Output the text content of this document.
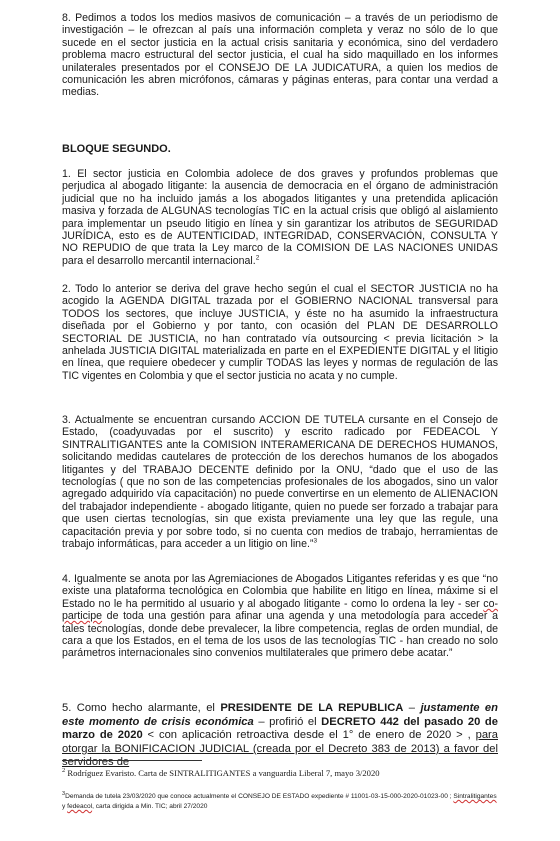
8. Pedimos a todos los medios masivos de comunicación – a través de un periodismo de investigación – le ofrezcan al país una información completa y veraz no sólo de lo que sucede en el sector justicia en la actual crisis sanitaria y económica, sino del verdadero problema macro estructural del sector justicia, el cual ha sido maquillado en los informes unilaterales presentados por el CONSEJO DE LA JUDICATURA, a quien los medios de comunicación les abren micrófonos, cámaras y páginas enteras, para contar una verdad a medias.

BLOQUE SEGUNDO.

1. El sector justicia en Colombia adolece de dos graves y profundos problemas que perjudica al abogado litigante: la ausencia de democracia en el órgano de administración judicial que no ha incluido jamás a los abogados litigantes y una pretendida aplicación masiva y forzada de ALGUNAS tecnologías TIC en la actual crisis que obligó al aislamiento para implementar un pseudo litigio en línea y sin garantizar los atributos de SEGURIDAD JURÍDICA, esto es de AUTENTICIDAD, INTEGRIDAD, CONSERVACIÓN, CONSULTA Y NO REPUDIO de que trata la Ley marco de la COMISION DE LAS NACIONES UNIDAS para el desarrollo mercantil internacional.$^2$

2. Todo lo anterior se deriva del grave hecho según el cual el SECTOR JUSTICIA no ha acogido la AGENDA DIGITAL trazada por el GOBIERNO NACIONAL transversal para TODOS los sectores, que incluye JUSTICIA, y éste no ha asumido la infraestructura diseñada por el Gobierno y por tanto, con ocasión del PLAN DE DESARROLLO SECTORIAL DE JUSTICIA, no han contratado vía outsourcing < previa licitación > la anhelada JUSTICIA DIGITAL materializada en parte en el EXPEDIENTE DIGITAL y el litigio en línea, que requiere obedecer y cumplir TODAS las leyes y normas de regulación de las TIC vigentes en Colombia y que el sector justicia no acata y no cumple.

3. Actualmente se encuentran cursando ACCION DE TUTELA cursante en el Consejo de Estado, (coadyuvadas por el suscrito) y escrito radicado por FEDEACOL Y SINTRALITIGANTES ante la COMISION INTERAMERICANA DE DERECHOS HUMANOS, solicitando medidas cautelares de protección de los derechos humanos de los abogados litigantes y del TRABAJO DECENTE definido por la ONU, “dado que el uso de las tecnologías ( que no son de las competencias profesionales de los abogados, sino un valor agregado adquirido vía capacitación) no puede convertirse en un elemento de ALIENACION del trabajador independiente - abogado litigante, quien no puede ser forzado a trabajar para que usen ciertas tecnologías, sin que exista previamente una ley que las regule, una capacitación previa y por sobre todo, si no cuenta con medios de trabajo, herramientas de trabajo informáticas, para acceder a un litigio on line.”$^3$

4. Igualmente se anota por las Agremiaciones de Abogados Litigantes referidas y es que “no existe una plataforma tecnológica en Colombia que habilite en litigo en línea, máxime si el Estado no le ha permitido al usuario y al abogado litigante - como lo ordena la ley - ser co-participe de toda una gestión para afinar una agenda y una metodología para acceder a tales tecnologías, donde debe prevalecer, la libre competencia, reglas de orden mundial, de cara a que los Estados, en el tema de los usos de las tecnologías TIC - han creado no solo parámetros internacionales sino convenios multilaterales que primero debe acatar.”

5. Como hecho alarmante, el PRESIDENTE DE LA REPUBLICA – justamente en este momento de crisis económica – profirió el DECRETO 442 del pasado 20 de marzo de 2020 < con aplicación retroactiva desde el 1° de enero de 2020 > , para otorgar la BONIFICACION JUDICIAL (creada por el Decreto 383 de 2013) a favor del servidores de

$^2$ Rodríguez Evaristo. Carta de SINTRALITIGANTES a vanguardia Liberal 7, mayo 3/2020
$^3$Demanda de tutela 23/03/2020 que conoce actualmente el CONSEJO DE ESTADO expediente # 11001-03-15-000-2020-01023-00 ; Sintralitigantes y fedeacol, carta dirigida a Min. TIC; abril 27/2020
